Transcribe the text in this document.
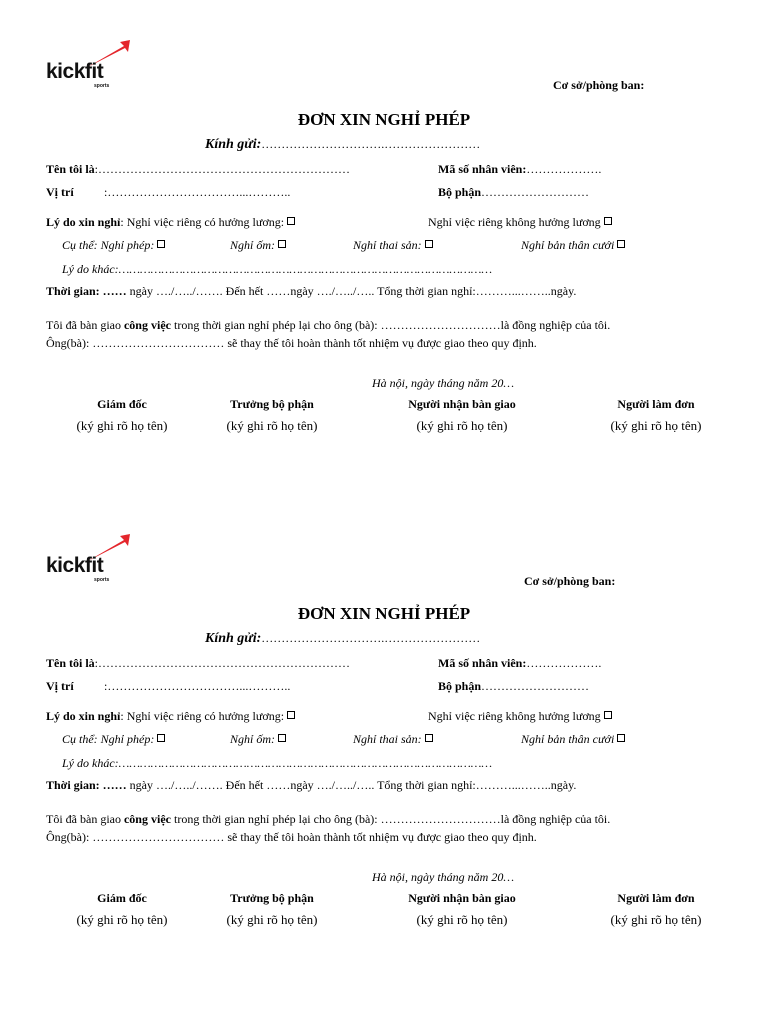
kickfit
sports	Cơ sở/phòng ban:
ĐƠN XIN NGHỈ PHÉP
Kính gửi:………………………….……………………
Tên tôi là:………………………………………………………	Mã số nhân viên:……………….
Vị trí	:……………………………...………..	Bộ phận………………………
Lý do xin nghỉ: Nghỉ việc riêng có hưởng lương:	Nghỉ việc riêng không hưởng lương
Cụ thể: Nghỉ phép:	Nghỉ ốm:	Nghỉ thai sản:	Nghỉ bản thân cưới
Lý do khác:……………………………………………………………………………………………
Thời gian: …… ngày …./…../……. Đến hết ……ngày …./…../….. Tổng thời gian nghỉ:………...……..ngày.
Tôi đã bàn giao công việc trong thời gian nghỉ phép lại cho ông (bà): …………………………là đồng nghiệp của tôi.
Ông(bà): …………………………… sẽ thay thế tôi hoàn thành tốt nhiệm vụ được giao theo quy định.
Hà nội, ngày tháng năm 20…
Giám đốc	Trưởng bộ phận	Người nhận bàn giao	Người làm đơn
(ký ghi rõ họ tên)	(ký ghi rõ họ tên)	(ký ghi rõ họ tên)	(ký ghi rõ họ tên)
kickfit
sports	Cơ sở/phòng ban:
ĐƠN XIN NGHỈ PHÉP
Kính gửi:………………………….……………………
Tên tôi là:………………………………………………………	Mã số nhân viên:……………….
Vị trí	:……………………………...………..	Bộ phận………………………
Lý do xin nghỉ: Nghỉ việc riêng có hưởng lương:	Nghỉ việc riêng không hưởng lương
Cụ thể: Nghỉ phép:	Nghỉ ốm:	Nghỉ thai sản:	Nghỉ bản thân cưới
Lý do khác:……………………………………………………………………………………………
Thời gian: …… ngày …./…../……. Đến hết ……ngày …./…../….. Tổng thời gian nghỉ:………...……..ngày.
Tôi đã bàn giao công việc trong thời gian nghỉ phép lại cho ông (bà): …………………………là đồng nghiệp của tôi.
Ông(bà): …………………………… sẽ thay thế tôi hoàn thành tốt nhiệm vụ được giao theo quy định.
Hà nội, ngày tháng năm 20…
Giám đốc	Trưởng bộ phận	Người nhận bàn giao	Người làm đơn
(ký ghi rõ họ tên)	(ký ghi rõ họ tên)	(ký ghi rõ họ tên)	(ký ghi rõ họ tên)
